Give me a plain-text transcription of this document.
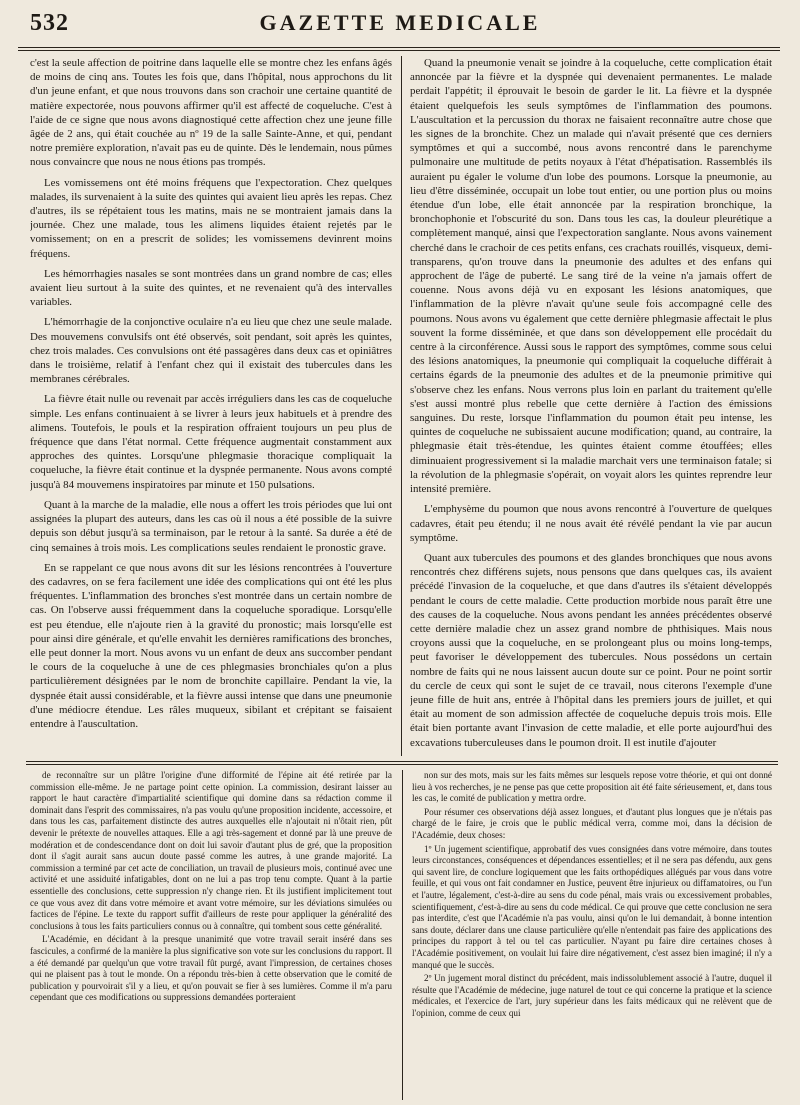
532	GAZETTE MEDICALE

c'est la seule affection de poitrine dans laquelle elle se montre chez les enfans âgés de moins de cinq ans. Toutes les fois que, dans l'hôpital, nous approchons du lit d'un jeune enfant, et que nous trouvons dans son crachoir une certaine quantité de matière expectorée, nous pouvons affirmer qu'il est affecté de coqueluche. C'est à l'aide de ce signe que nous avons diagnostiqué cette affection chez une jeune fille âgée de 2 ans, qui était couchée au nº 19 de la salle Sainte-Anne, et qui, pendant notre première exploration, n'avait pas eu de quinte. Dès le lendemain, nous pûmes nous convaincre que nous ne nous étions pas trompés.

Les vomissemens ont été moins fréquens que l'expectoration. Chez quelques malades, ils survenaient à la suite des quintes qui avaient lieu après les repas. Chez d'autres, ils se répétaient tous les matins, mais ne se montraient jamais dans la journée. Chez une malade, tous les alimens liquides étaient rejetés par le vomissement; on en a prescrit de solides; les vomissemens devinrent moins fréquens.

Les hémorrhagies nasales se sont montrées dans un grand nombre de cas; elles avaient lieu surtout à la suite des quintes, et ne revenaient qu'à des intervalles variables.

L'hémorrhagie de la conjonctive oculaire n'a eu lieu que chez une seule malade. Des mouvemens convulsifs ont été observés, soit pendant, soit après les quintes, chez trois malades. Ces convulsions ont été passagères dans deux cas et opiniâtres dans le troisième, relatif à l'enfant chez qui il existait des tubercules dans les membranes cérébrales.

La fièvre était nulle ou revenait par accès irréguliers dans les cas de coqueluche simple. Les enfans continuaient à se livrer à leurs jeux habituels et à prendre des alimens. Toutefois, le pouls et la respiration offraient toujours un peu plus de fréquence que dans l'état normal. Cette fréquence augmentait constamment aux approches des quintes. Lorsqu'une phlegmasie thoracique compliquait la coqueluche, la fièvre était continue et la dyspnée permanente. Nous avons compté jusqu'à 84 mouvemens inspiratoires par minute et 150 pulsations.

Quant à la marche de la maladie, elle nous a offert les trois périodes que lui ont assignées la plupart des auteurs, dans les cas où il nous a été possible de la suivre depuis son début jusqu'à sa terminaison, par le retour à la santé. Sa durée a été de cinq semaines à trois mois. Les complications seules rendaient le pronostic grave.

En se rappelant ce que nous avons dit sur les lésions rencontrées à l'ouverture des cadavres, on se fera facilement une idée des complications qui ont été les plus fréquentes. L'inflammation des bronches s'est montrée dans un certain nombre de cas. On l'observe aussi fréquemment dans la coqueluche sporadique. Lorsqu'elle est peu étendue, elle n'ajoute rien à la gravité du pronostic; mais lorsqu'elle est pour ainsi dire générale, et qu'elle envahit les dernières ramifications des bronches, elle peut donner la mort. Nous avons vu un enfant de deux ans succomber pendant le cours de la coqueluche à une de ces phlegmasies bronchiales qu'on a plus particulièrement désignées par le nom de bronchite capillaire. Pendant la vie, la dyspnée était aussi considérable, et la fièvre aussi intense que dans une pneumonie d'une médiocre étendue. Les râles muqueux, sibilant et crépitant se faisaient entendre à l'auscultation.

Quand la pneumonie venait se joindre à la coqueluche, cette complication était annoncée par la fièvre et la dyspnée qui devenaient permanentes. Le malade perdait l'appétit; il éprouvait le besoin de garder le lit. La fièvre et la dyspnée étaient quelquefois les seuls symptômes de l'inflammation des poumons. L'auscultation et la percussion du thorax ne faisaient reconnaître autre chose que les signes de la bronchite. Chez un malade qui n'avait présenté que ces derniers symptômes et qui a succombé, nous avons rencontré dans le parenchyme pulmonaire une multitude de petits noyaux à l'état d'hépatisation. Rassemblés ils auraient pu égaler le volume d'un lobe des poumons. Lorsque la pneumonie, au lieu d'être disséminée, occupait un lobe tout entier, ou une portion plus ou moins étendue d'un lobe, elle était annoncée par la respiration bronchique, la bronchophonie et l'obscurité du son. Dans tous les cas, la douleur pleurétique a complètement manqué, ainsi que l'expectoration sanglante. Nous avons vainement cherché dans le crachoir de ces petits enfans, ces crachats rouillés, visqueux, demi-transparens, qu'on trouve dans la pneumonie des adultes et des enfans qui approchent de l'âge de puberté. Le sang tiré de la veine n'a jamais offert de couenne. Nous avons déjà vu en exposant les lésions anatomiques, que l'inflammation de la plèvre n'avait qu'une seule fois accompagné celle des poumons. Nous avons vu également que cette dernière phlegmasie affectait le plus souvent la forme disséminée, et que dans son développement elle procédait du centre à la circonférence. Aussi sous le rapport des symptômes, comme sous celui des lésions anatomiques, la pneumonie qui compliquait la coqueluche différait à certains égards de la pneumonie des adultes et de la pneumonie primitive qui s'observe chez les enfans. Nous verrons plus loin en parlant du traitement qu'elle s'est aussi montré plus rebelle que cette dernière à l'action des émissions sanguines. Du reste, lorsque l'inflammation du poumon était peu intense, les quintes de coqueluche ne subissaient aucune modification; quand, au contraire, la phlegmasie était très-étendue, les quintes étaient comme étouffées; elles diminuaient progressivement si la maladie marchait vers une terminaison fatale; si la révolution de la phlegmasie s'opérait, on voyait alors les quintes reprendre leur intensité première.

L'emphysème du poumon que nous avons rencontré à l'ouverture de quelques cadavres, était peu étendu; il ne nous avait été révélé pendant la vie par aucun symptôme.

Quant aux tubercules des poumons et des glandes bronchiques que nous avons rencontrés chez différens sujets, nous pensons que dans quelques cas, ils avaient précédé l'invasion de la coqueluche, et que dans d'autres ils s'étaient développés pendant le cours de cette maladie. Cette production morbide nous paraît être une des causes de la coqueluche. Nous avons pendant les années précédentes observé cette dernière maladie chez un assez grand nombre de phthisiques. Mais nous croyons aussi que la coqueluche, en se prolongeant plus ou moins long-temps, peut favoriser le développement des tubercules. Nous possédons un certain nombre de faits qui ne nous laissent aucun doute sur ce point. Pour ne point sortir du cercle de ceux qui sont le sujet de ce travail, nous citerons l'exemple d'une jeune fille de huit ans, entrée à l'hôpital dans les premiers jours de juillet, et qui était au moment de son admission affectée de coqueluche depuis trois mois. Elle était bien portante avant l'invasion de cette maladie, et elle porte aujourd'hui des excavations tuberculeuses dans le poumon droit. Il est inutile d'ajouter

de reconnaître sur un plâtre l'origine d'une difformité de l'épine ait été retirée par la commission elle-même. Je ne partage point cette opinion. La commission, desirant laisser au rapport le haut caractère d'impartialité scientifique qui domine dans sa rédaction comme il dominait dans l'esprit des commissaires, n'a pas voulu qu'une proposition incidente, accessoire, et dans tous les cas, parfaitement distincte des autres auxquelles elle n'ajoutait ni n'ôtait rien, pût devenir le prétexte de nouvelles attaques. Elle a agi très-sagement et donné par là une preuve de modération et de condescendance dont on doit lui savoir d'autant plus de gré, que la proposition dont il s'agit aurait sans aucun doute passé comme les autres, à une grande majorité. La commission a terminé par cet acte de conciliation, un travail de plusieurs mois, continué avec une activité et une assiduité infatigables, dont on ne lui a pas trop tenu compte. Quant à la partie essentielle des conclusions, cette suppression n'y change rien. Et ils justifient implicitement tout ce que vous avez dit dans votre mémoire et avant votre mémoire, sur les déviations simulées ou factices de l'épine. Le texte du rapport suffit d'ailleurs de reste pour appliquer la généralité des conclusions à tous les faits particuliers connus ou à connaître, qui tombent sous cette généralité.

L'Académie, en décidant à la presque unanimité que votre travail serait inséré dans ses fascicules, a confirmé de la manière la plus significative son vote sur les conclusions du rapport. Il a été demandé par quelqu'un que votre travail fût purgé, avant l'impression, de certaines choses qui ne plaisent pas à tout le monde. On a répondu très-bien à cette observation que le comité de publication y pourvoirait s'il y a lieu, et qu'on pouvait se fier à ses lumières. Comme il m'a paru cependant que ces modifications ou suppressions demandées porteraient

non sur des mots, mais sur les faits mêmes sur lesquels repose votre théorie, et qui ont donné lieu à vos recherches, je ne pense pas que cette proposition ait été faite sérieusement, et, dans tous les cas, le comité de publication y mettra ordre.

Pour résumer ces observations déjà assez longues, et d'autant plus longues que je n'étais pas chargé de le faire, je crois que le public médical verra, comme moi, dans la décision de l'Académie, deux choses:

1º Un jugement scientifique, approbatif des vues consignées dans votre mémoire, dans toutes leurs circonstances, conséquences et dépendances essentielles; et il ne sera pas défendu, aux gens qui savent lire, de conclure logiquement que les faits orthopédiques allégués par vous dans votre feuille, et qui vous ont fait condamner en Justice, peuvent être injurieux ou diffamatoires, ou l'un et l'autre, légalement, c'est-à-dire au sens du code pénal, mais vrais ou excessivement probables, scientifiquement, c'est-à-dire au sens du code médical. Ce qui prouve que cette conclusion ne sera pas interdite, c'est que l'Académie n'a pas voulu, ainsi qu'on le lui demandait, à bonne intention sans doute, déclarer dans une clause particulière qu'elle n'entendait pas faire des applications des principes du rapport à tel ou tel cas particulier. N'ayant pu faire dire certaines choses à l'Académie positivement, on voulait lui faire dire négativement, c'est assez bien imaginé; il n'y a manqué que le succès.

2º Un jugement moral distinct du précédent, mais indissolublement associé à l'autre, duquel il résulte que l'Académie de médecine, juge naturel de tout ce qui concerne la pratique et la science médicales, et l'exercice de l'art, jury supérieur dans les faits médicaux qui ne relèvent que de l'opinion, comme de ceux qui
